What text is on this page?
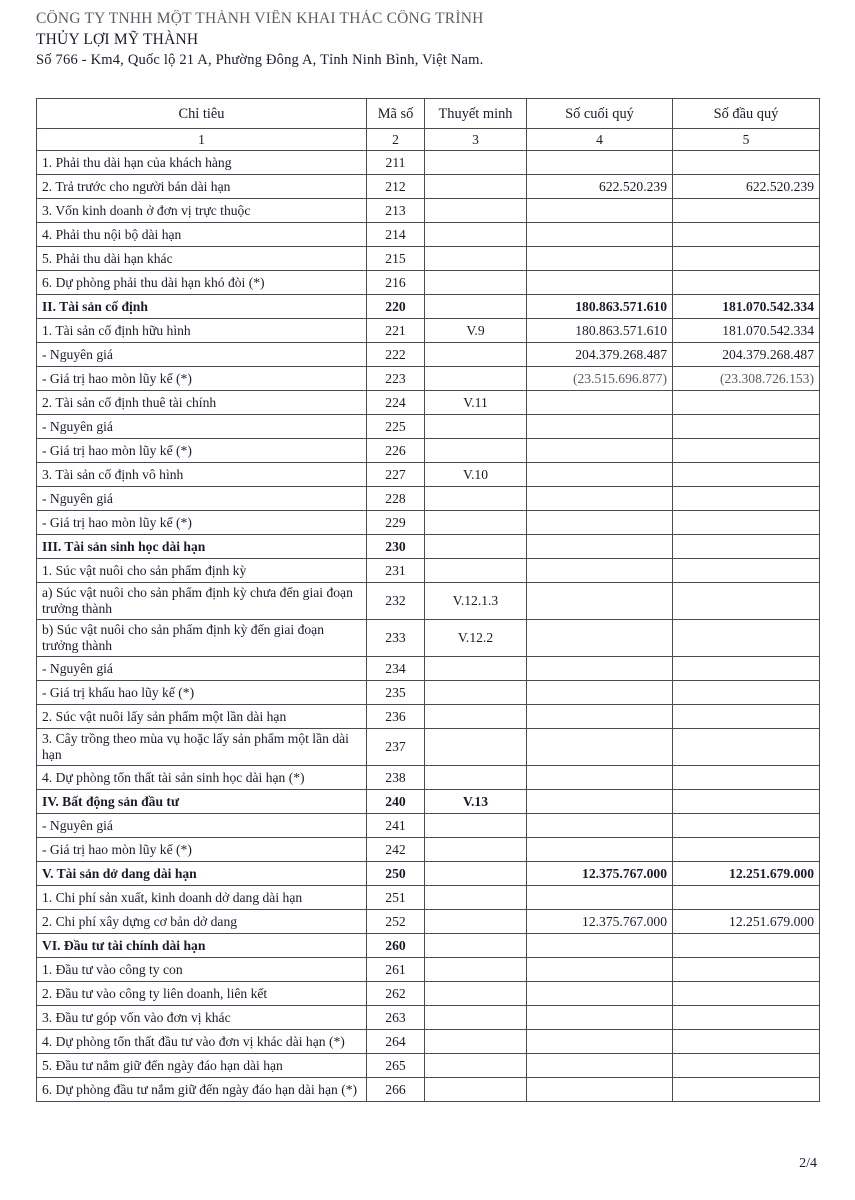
CÔNG TY TNHH MỘT THÀNH VIÊN KHAI THÁC CÔNG TRÌNH
THỦY LỢI MỸ THÀNH
Số 766 - Km4, Quốc lộ 21 A, Phường Đông A, Tỉnh Ninh Bình, Việt Nam.
Chỉ tiêu	Mã số	Thuyết minh	Số cuối quý	Số đầu quý
1	2	3	4	5
1. Phải thu dài hạn của khách hàng	211			
2. Trả trước cho người bán dài hạn	212		622.520.239	622.520.239
3. Vốn kinh doanh ở đơn vị trực thuộc	213			
4. Phải thu nội bộ dài hạn	214			
5. Phải thu dài hạn khác	215			
6. Dự phòng phải thu dài hạn khó đòi (*)	216			
II. Tài sản cố định	220		180.863.571.610	181.070.542.334
1. Tài sản cố định hữu hình	221	V.9	180.863.571.610	181.070.542.334
- Nguyên giá	222		204.379.268.487	204.379.268.487
- Giá trị hao mòn lũy kế (*)	223		(23.515.696.877)	(23.308.726.153)
2. Tài sản cố định thuê tài chính	224	V.11		
- Nguyên giá	225			
- Giá trị hao mòn lũy kế (*)	226			
3. Tài sản cố định vô hình	227	V.10		
- Nguyên giá	228			
- Giá trị hao mòn lũy kế (*)	229			
III. Tài sản sinh học dài hạn	230			
1. Súc vật nuôi cho sản phẩm định kỳ	231			
a) Súc vật nuôi cho sản phẩm định kỳ chưa đến giai đoạn trưởng thành	232	V.12.1.3		
b) Súc vật nuôi cho sản phẩm định kỳ đến giai đoạn trưởng thành	233	V.12.2		
- Nguyên giá	234			
- Giá trị khấu hao lũy kế (*)	235			
2. Súc vật nuôi lấy sản phẩm một lần dài hạn	236			
3. Cây trồng theo mùa vụ hoặc lấy sản phẩm một lần dài hạn	237			
4. Dự phòng tổn thất tài sản sinh học dài hạn (*)	238			
IV. Bất động sản đầu tư	240	V.13		
- Nguyên giá	241			
- Giá trị hao mòn lũy kế (*)	242			
V. Tài sản dở dang dài hạn	250		12.375.767.000	12.251.679.000
1. Chi phí sản xuất, kinh doanh dở dang dài hạn	251			
2. Chi phí xây dựng cơ bản dở dang	252		12.375.767.000	12.251.679.000
VI. Đầu tư tài chính dài hạn	260			
1. Đầu tư vào công ty con	261			
2. Đầu tư vào công ty liên doanh, liên kết	262			
3. Đầu tư góp vốn vào đơn vị khác	263			
4. Dự phòng tổn thất đầu tư vào đơn vị khác dài hạn (*)	264			
5. Đầu tư nắm giữ đến ngày đáo hạn dài hạn	265			
6. Dự phòng đầu tư nắm giữ đến ngày đáo hạn dài hạn (*)	266			
2/4
